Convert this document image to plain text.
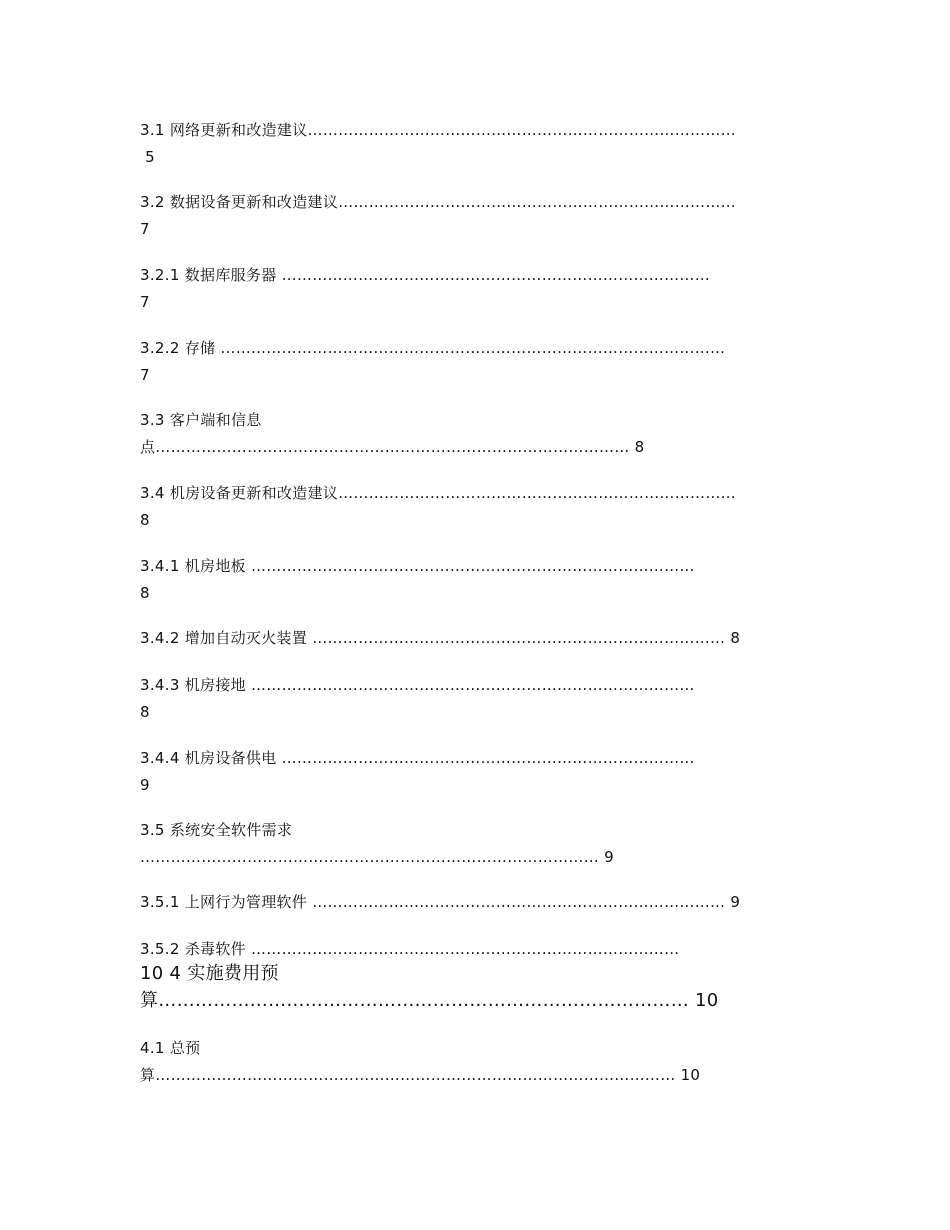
3.1 网络更新和改造建议…………………………………………………………………………
5
3.2 数据设备更新和改造建议……………………………………………………………………
7
3.2.1 数据库服务器 …………………………………………………………………………
7
3.2.2 存储 ………………………………………………………………………………………
7
3.3 客户端和信息
点………………………………………………………………………………… 8
3.4 机房设备更新和改造建议……………………………………………………………………
8
3.4.1 机房地板 ……………………………………………………………………………
8
3.4.2 增加自动灭火装置 ……………………………………………………………………… 8
3.4.3 机房接地 ……………………………………………………………………………
8
3.4.4 机房设备供电 ………………………………………………………………………
9
3.5 系统安全软件需求
……………………………………………………………………………… 9
3.5.1 上网行为管理软件 ……………………………………………………………………… 9
3.5.2 杀毒软件 …………………………………………………………………………
10 4 实施费用预
算…………………………………………………………………………… 10
4.1 总预
算………………………………………………………………………………………… 10
